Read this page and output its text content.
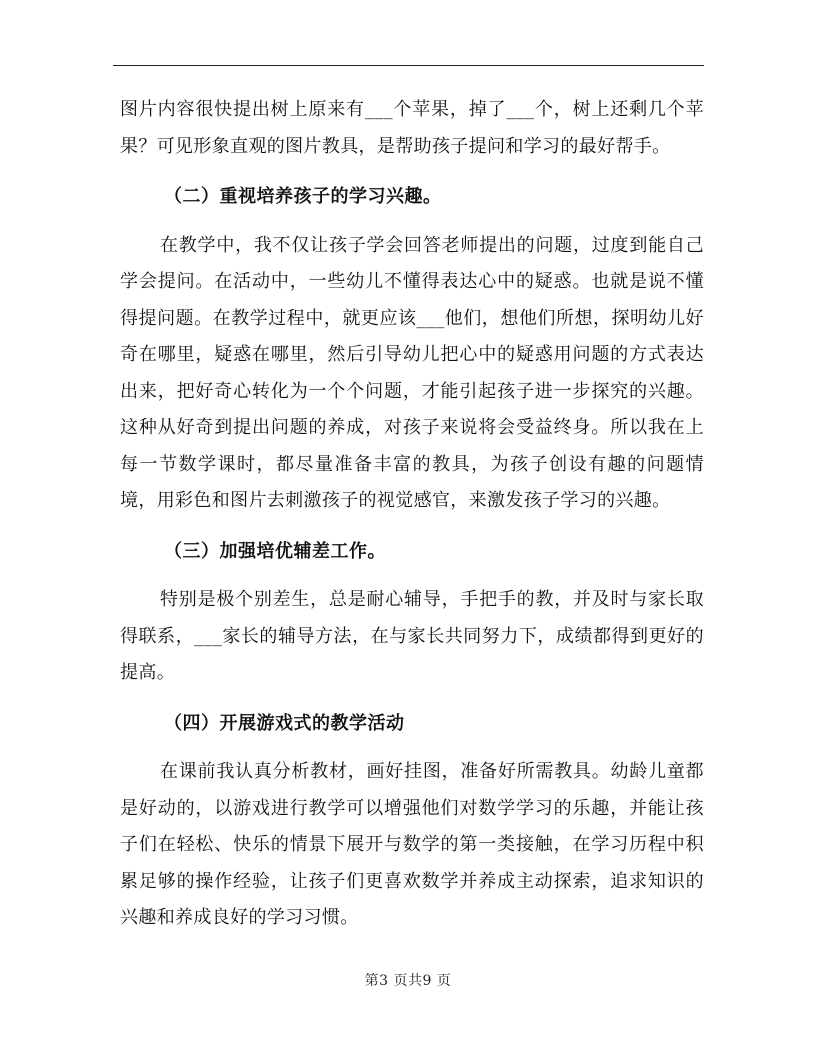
图片内容很快提出树上原来有___个苹果，掉了___个，树上还剩几个苹果？可见形象直观的图片教具，是帮助孩子提问和学习的最好帮手。

（二）重视培养孩子的学习兴趣。

在教学中，我不仅让孩子学会回答老师提出的问题，过度到能自己学会提问。在活动中，一些幼儿不懂得表达心中的疑惑。也就是说不懂得提问题。在教学过程中，就更应该___他们，想他们所想，探明幼儿好奇在哪里，疑惑在哪里，然后引导幼儿把心中的疑惑用问题的方式表达出来，把好奇心转化为一个个问题，才能引起孩子进一步探究的兴趣。这种从好奇到提出问题的养成，对孩子来说将会受益终身。所以我在上每一节数学课时，都尽量准备丰富的教具，为孩子创设有趣的问题情境，用彩色和图片去刺激孩子的视觉感官，来激发孩子学习的兴趣。

（三）加强培优辅差工作。

特别是极个别差生，总是耐心辅导，手把手的教，并及时与家长取得联系，___家长的辅导方法，在与家长共同努力下，成绩都得到更好的提高。

（四）开展游戏式的教学活动

在课前我认真分析教材，画好挂图，准备好所需教具。幼龄儿童都是好动的，以游戏进行教学可以增强他们对数学学习的乐趣，并能让孩子们在轻松、快乐的情景下展开与数学的第一类接触，在学习历程中积累足够的操作经验，让孩子们更喜欢数学并养成主动探索，追求知识的兴趣和养成良好的学习习惯。

第3 页共9 页
